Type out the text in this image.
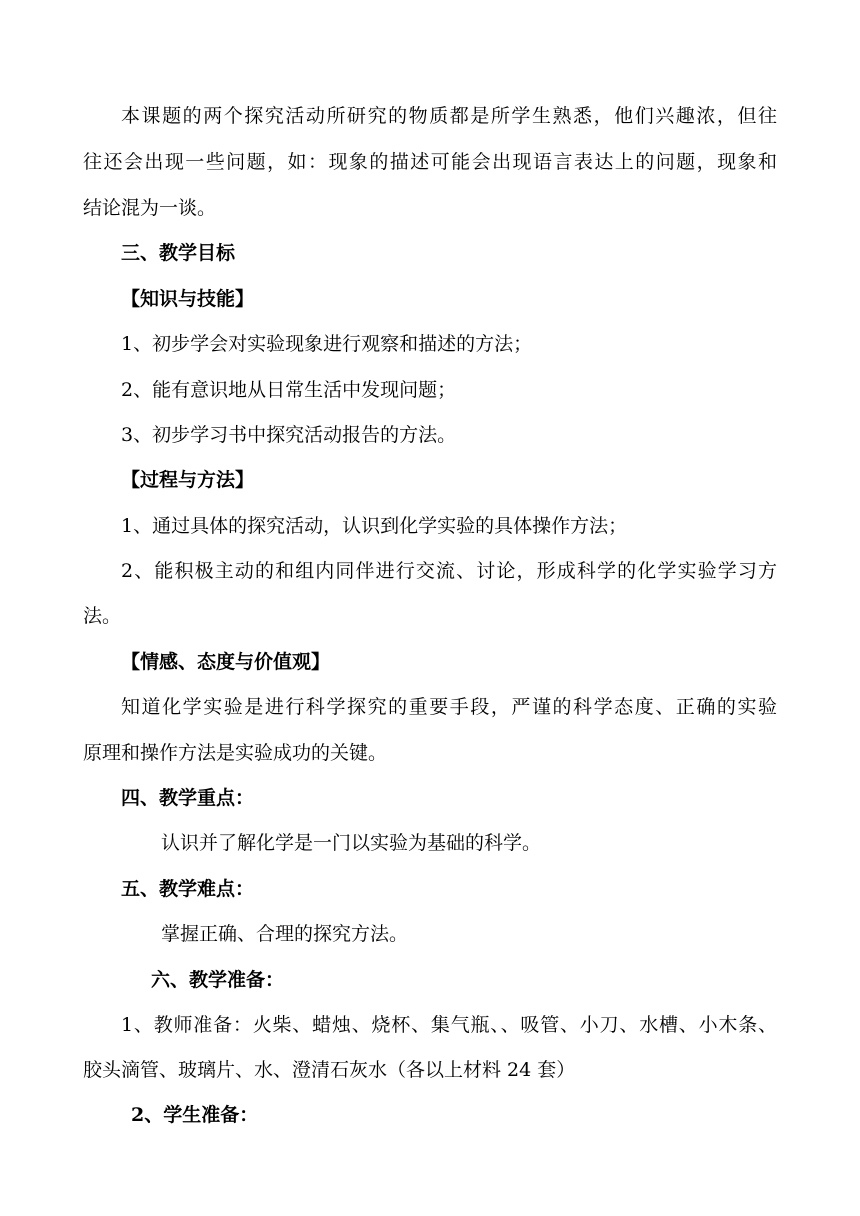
本课题的两个探究活动所研究的物质都是所学生熟悉，他们兴趣浓，但往
往还会出现一些问题，如：现象的描述可能会出现语言表达上的问题，现象和
结论混为一谈。
三、教学目标
【知识与技能】
1、初步学会对实验现象进行观察和描述的方法；
2、能有意识地从日常生活中发现问题；
3、初步学习书中探究活动报告的方法。
【过程与方法】
1、通过具体的探究活动，认识到化学实验的具体操作方法；
2、能积极主动的和组内同伴进行交流、讨论，形成科学的化学实验学习方
法。
【情感、态度与价值观】
知道化学实验是进行科学探究的重要手段，严谨的科学态度、正确的实验
原理和操作方法是实验成功的关键。
四、教学重点：
认识并了解化学是一门以实验为基础的科学。
五、教学难点：
掌握正确、合理的探究方法。
六、教学准备：
1、教师准备：火柴、蜡烛、烧杯、集气瓶、、吸管、小刀、水槽、小木条、
胶头滴管、玻璃片、水、澄清石灰水（各以上材料 24 套）
2、学生准备：
